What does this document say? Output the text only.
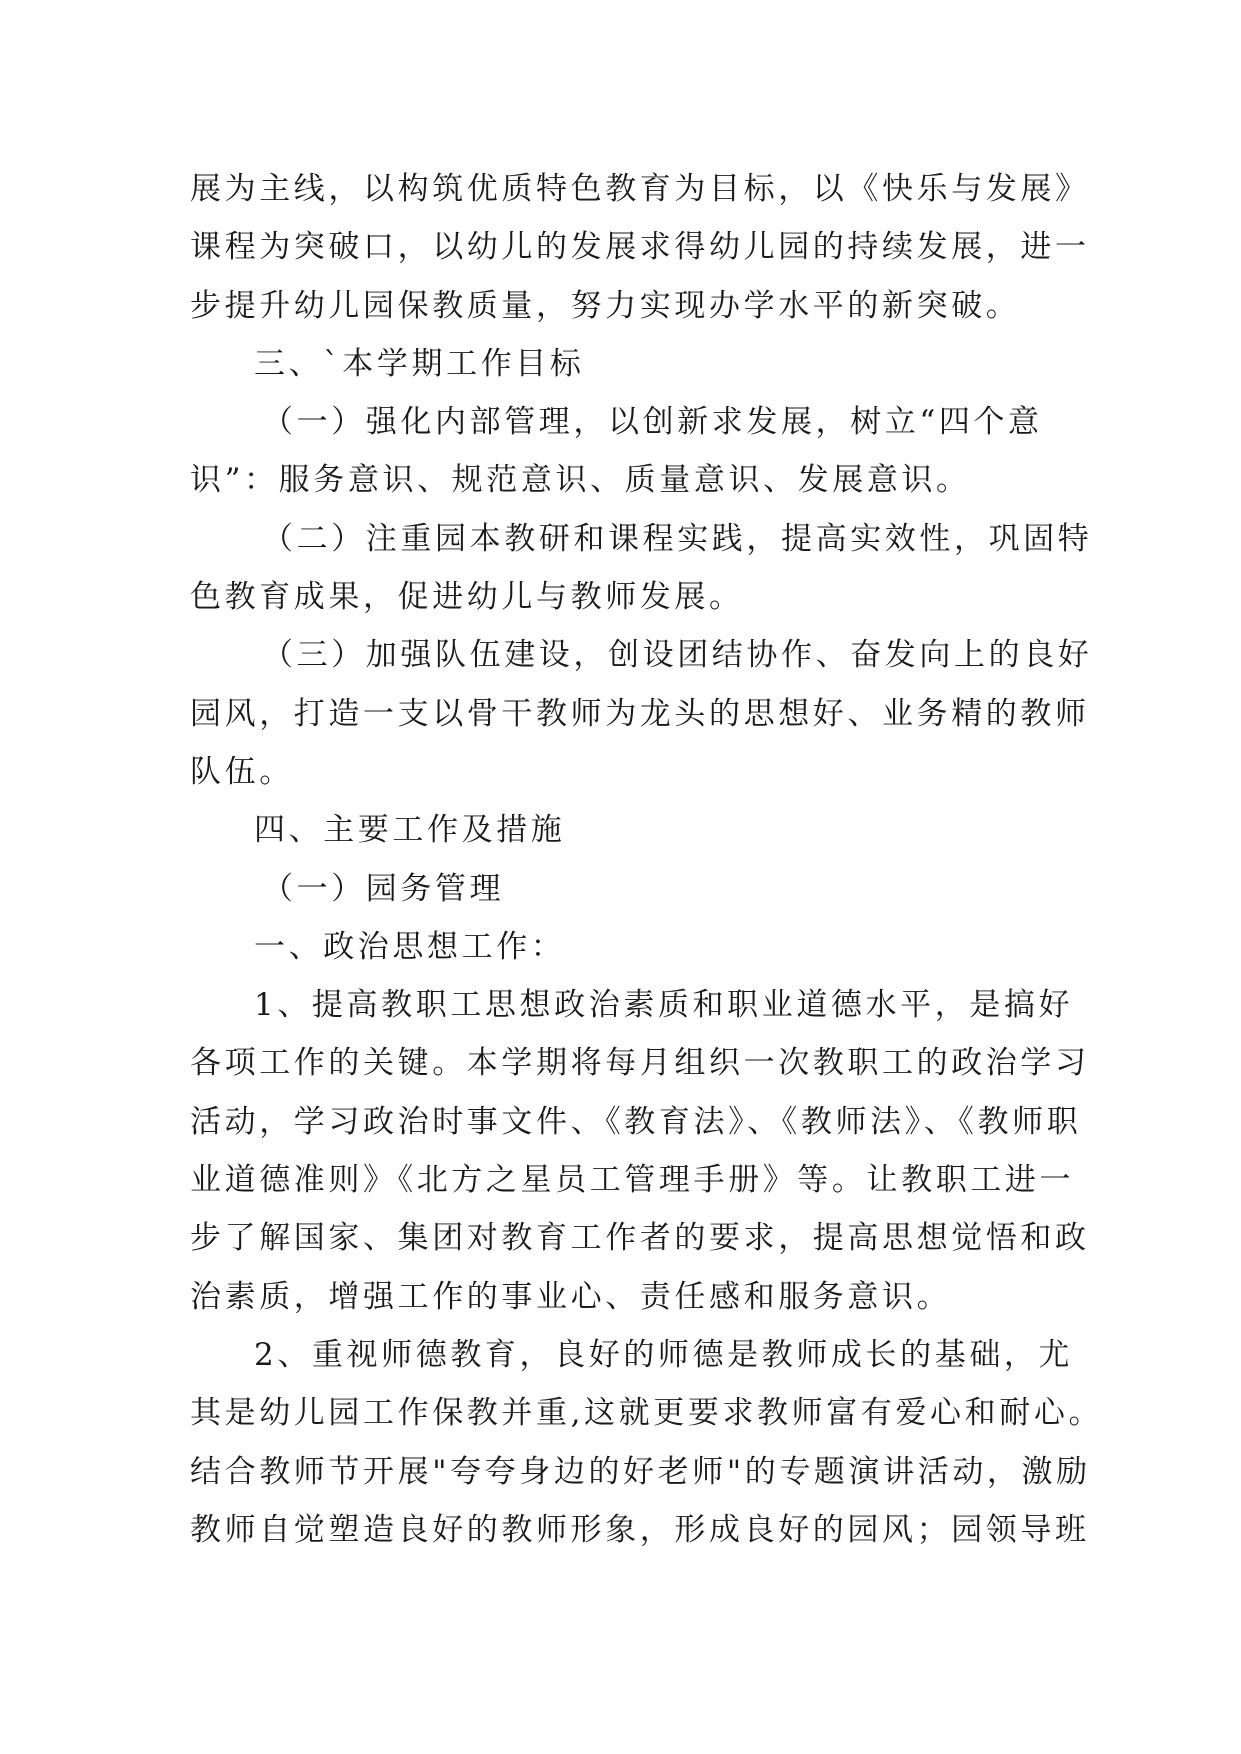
展为主线，以构筑优质特色教育为目标，以《快乐与发展》
课程为突破口，以幼儿的发展求得幼儿园的持续发展，进一
步提升幼儿园保教质量，努力实现办学水平的新突破。
三、`本学期工作目标
（一）强化内部管理，以创新求发展，树立“四个意
识”：服务意识、规范意识、质量意识、发展意识。
（二）注重园本教研和课程实践，提高实效性，巩固特
色教育成果，促进幼儿与教师发展。
（三）加强队伍建设，创设团结协作、奋发向上的良好
园风，打造一支以骨干教师为龙头的思想好、业务精的教师
队伍。
四、主要工作及措施
（一）园务管理
一、政治思想工作：
1、提高教职工思想政治素质和职业道德水平，是搞好
各项工作的关键。本学期将每月组织一次教职工的政治学习
活动，学习政治时事文件、《教育法》、《教师法》、《教师职
业道德准则》《北方之星员工管理手册》等。让教职工进一
步了解国家、集团对教育工作者的要求，提高思想觉悟和政
治素质，增强工作的事业心、责任感和服务意识。
2、重视师德教育，良好的师德是教师成长的基础，尤
其是幼儿园工作保教并重,这就更要求教师富有爱心和耐心。
结合教师节开展"夸夸身边的好老师"的专题演讲活动，激励
教师自觉塑造良好的教师形象，形成良好的园风；园领导班
